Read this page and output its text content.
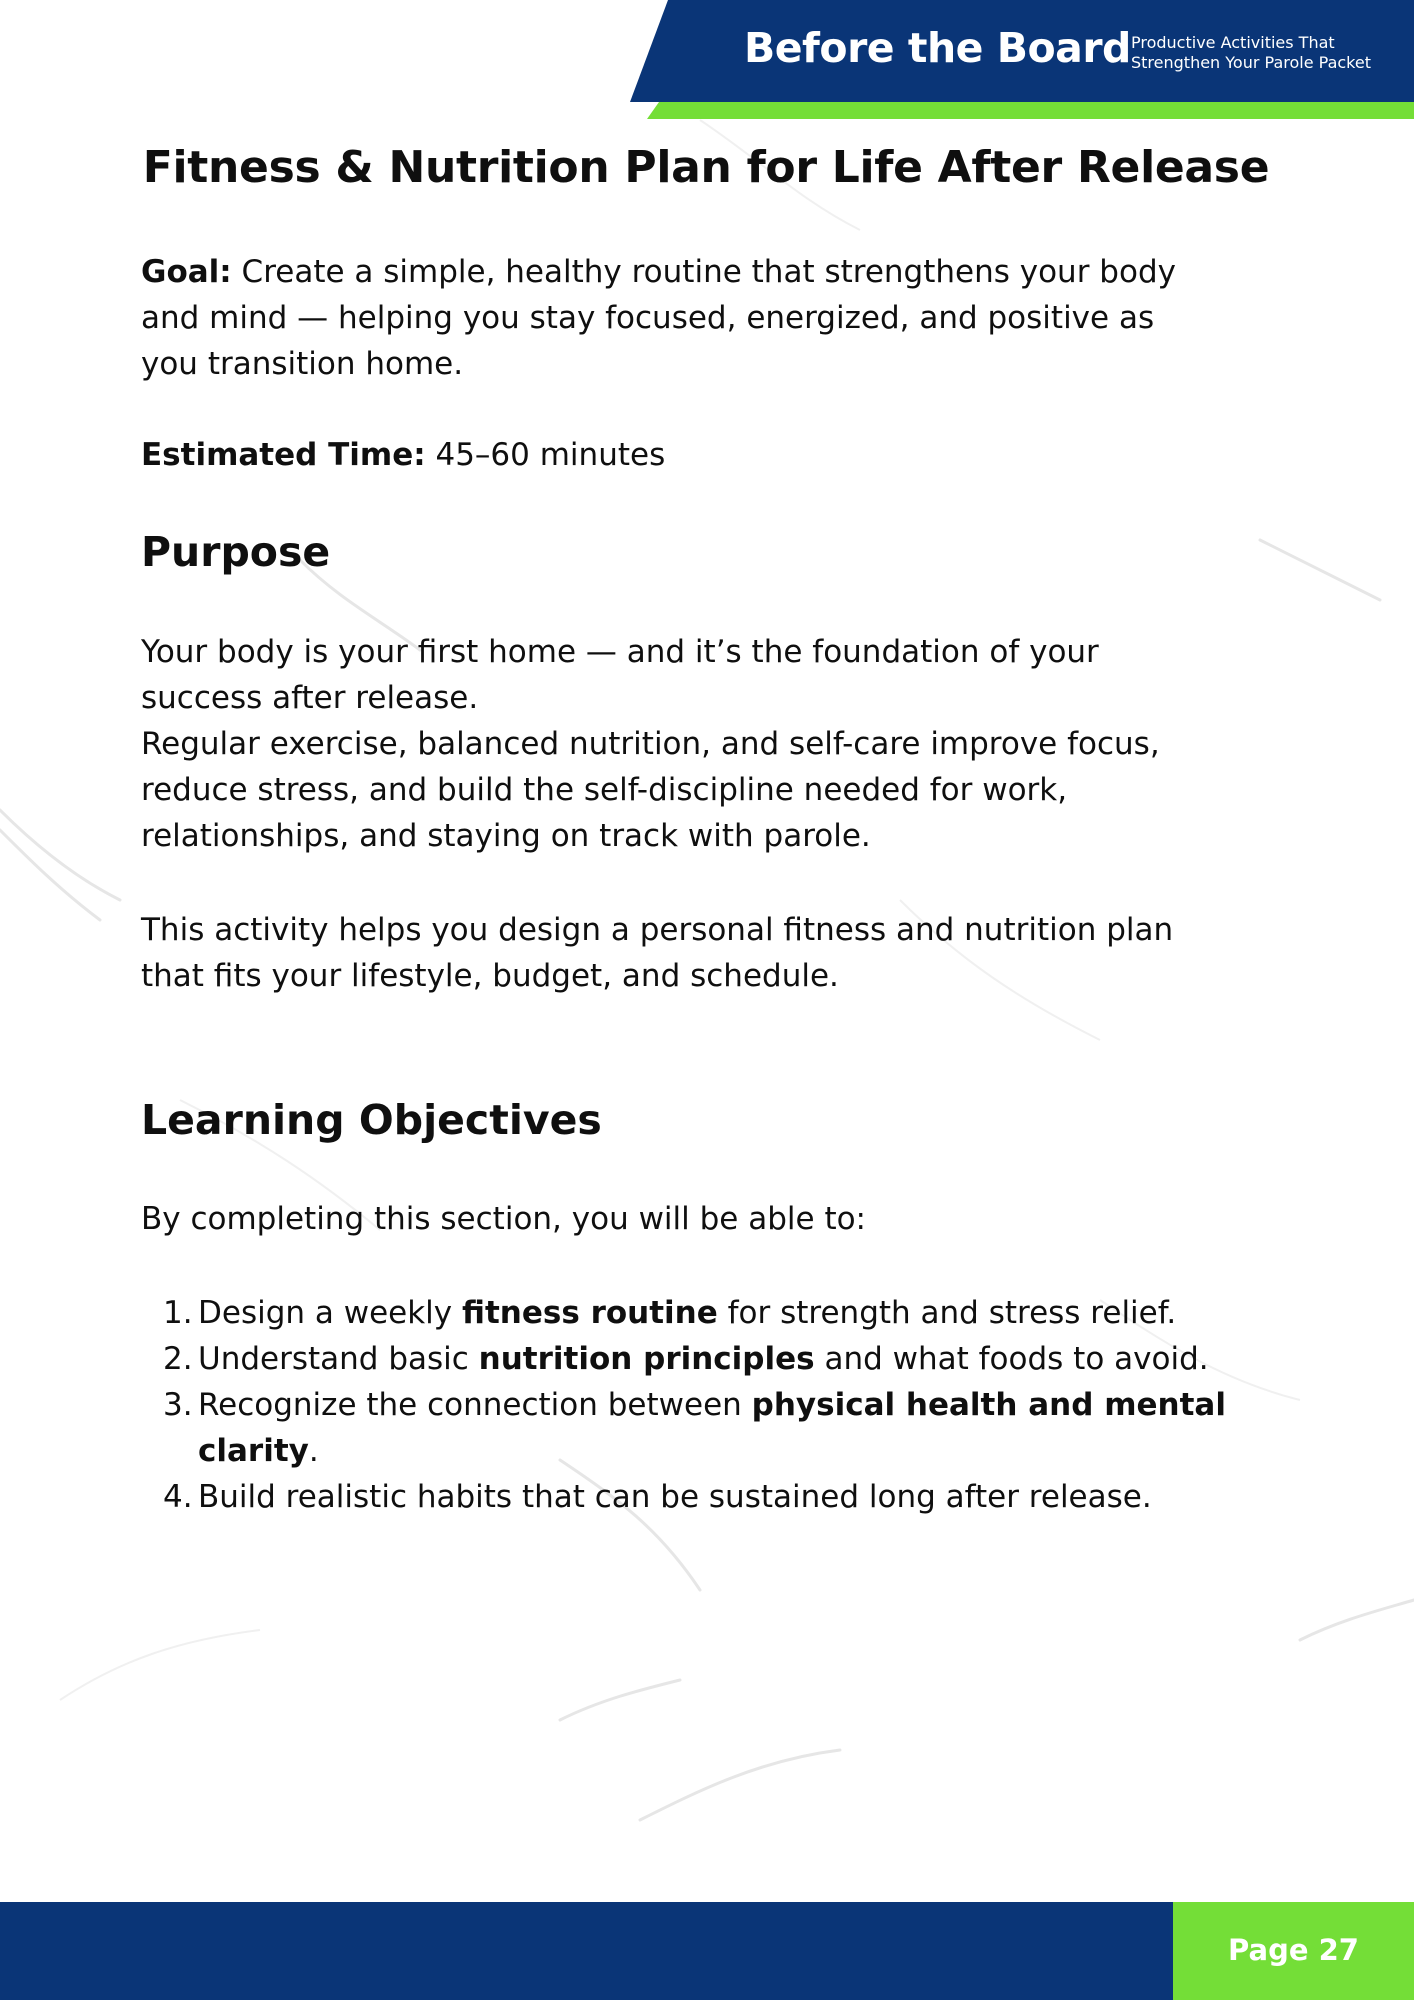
Before the Board Productive Activities That
Strengthen Your Parole Packet
Fitness & Nutrition Plan for Life After Release

Goal: Create a simple, healthy routine that strengthens your body
and mind — helping you stay focused, energized, and positive as
you transition home.

Estimated Time: 45–60 minutes

Purpose

Your body is your first home — and it’s the foundation of your
success after release.
Regular exercise, balanced nutrition, and self-care improve focus,
reduce stress, and build the self-discipline needed for work,
relationships, and staying on track with parole.

This activity helps you design a personal fitness and nutrition plan
that fits your lifestyle, budget, and schedule.

Learning Objectives

By completing this section, you will be able to:

1. Design a weekly fitness routine for strength and stress relief.
2. Understand basic nutrition principles and what foods to avoid.
3. Recognize the connection between physical health and mental
clarity.
4. Build realistic habits that can be sustained long after release.
Page 27
